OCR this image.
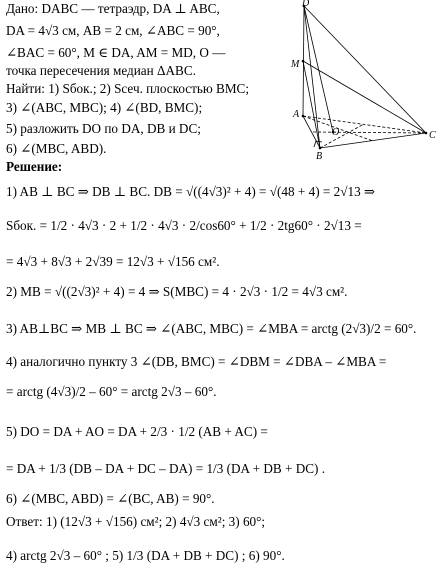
D
M
A
O	C
B
Дано: DABC — тетраэдр, DA ⊥ ABC,
DA = 4√3 см, AB = 2 см, ∠ABC = 90°,
∠BAC = 60°, M ∈ DA, AM = MD, O —
точка пересечения медиан ΔABC.
Найти: 1) Sбок.; 2) Sсеч. плоскостью BMC;
3) ∠(ABC, MBC); 4) ∠(BD, BMC);
5) разложить DO по DA, DB и DC;
6) ∠(MBC, ABD).
Решение:
1) AB ⊥ BC ⇒ DB ⊥ BC. DB = √((4√3)² + 4) = √(48 + 4) = 2√13 ⇒
Sбок. = 1/2 · 4√3 · 2 + 1/2 · 4√3 · 2/cos60° + 1/2 · 2tg60° · 2√13 =
= 4√3 + 8√3 + 2√39 = 12√3 + √156 см².
2) MB = √((2√3)² + 4) = 4 ⇒ S(MBC) = 4 · 2√3 · 1/2 = 4√3 см².
3) AB⊥BC ⇒ MB ⊥ BC ⇒ ∠(ABC, MBC) = ∠MBA = arctg (2√3)/2 = 60°.
4) аналогично пункту 3 ∠(DB, BMC) = ∠DBM = ∠DBA – ∠MBA =
= arctg (4√3)/2 – 60° = arctg 2√3 – 60°.
5) DO = DA + AO = DA + 2/3 · 1/2 (AB + AC) =
= DA + 1/3 (DB – DA + DC – DA) = 1/3 (DA + DB + DC) .
6) ∠(MBC, ABD) = ∠(BC, AB) = 90°.
Ответ: 1) (12√3 + √156) см²; 2) 4√3 см²; 3) 60°;
4) arctg 2√3 – 60° ; 5) 1/3 (DA + DB + DC) ; 6) 90°.
